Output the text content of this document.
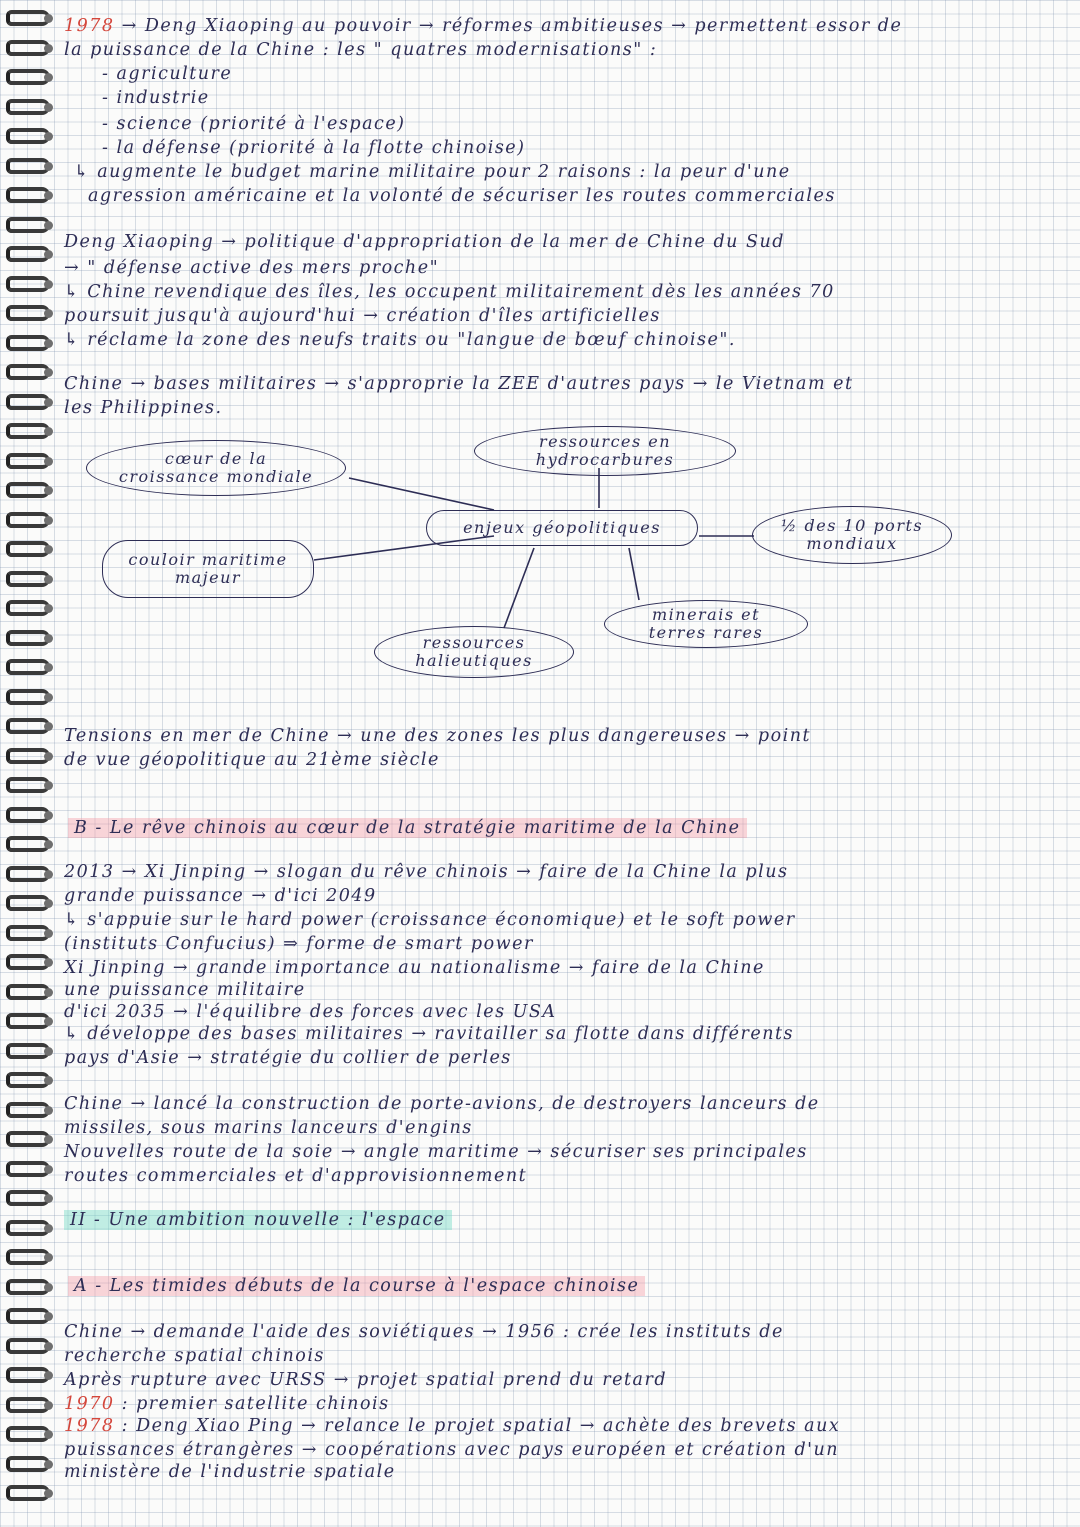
1978 → Deng Xiaoping au pouvoir → réformes ambitieuses → permettent essor de
la puissance de la Chine : les " quatres modernisations" :
- agriculture
- industrie
- science (priorité à l'espace)
- la défense (priorité à la flotte chinoise)
↳ augmente le budget marine militaire pour 2 raisons : la peur d'une
agression américaine et la volonté de sécuriser les routes commerciales
Deng Xiaoping → politique d'appropriation de la mer de Chine du Sud
→ " défense active des mers proche"
↳ Chine revendique des îles, les occupent militairement dès les années 70
poursuit jusqu'à aujourd'hui → création d'îles artificielles
↳ réclame la zone des neufs traits ou "langue de bœuf chinoise".
Chine → bases militaires → s'approprie la ZEE d'autres pays → le Vietnam et
les Philippines.
cœur de la
croissance mondiale
ressources en
hydrocarbures
enjeux géopolitiques	½ des 10 ports
mondiaux
couloir maritime
majeur
minerais et
terres rares
ressources
halieutiques
Tensions en mer de Chine → une des zones les plus dangereuses → point
de vue géopolitique au 21ème siècle
B - Le rêve chinois au cœur de la stratégie maritime de la Chine
2013 → Xi Jinping → slogan du rêve chinois → faire de la Chine la plus
grande puissance → d'ici 2049
↳ s'appuie sur le hard power (croissance économique) et le soft power
(instituts Confucius) ⇒ forme de smart power
Xi Jinping → grande importance au nationalisme → faire de la Chine
une puissance militaire
d'ici 2035 → l'équilibre des forces avec les USA
↳ développe des bases militaires → ravitailler sa flotte dans différents
pays d'Asie → stratégie du collier de perles
Chine → lancé la construction de porte-avions, de destroyers lanceurs de
missiles, sous marins lanceurs d'engins
Nouvelles route de la soie → angle maritime → sécuriser ses principales
routes commerciales et d'approvisionnement
II - Une ambition nouvelle : l'espace
A - Les timides débuts de la course à l'espace chinoise
Chine → demande l'aide des soviétiques → 1956 : crée les instituts de
recherche spatial chinois
Après rupture avec URSS → projet spatial prend du retard
1970 : premier satellite chinois
1978 : Deng Xiao Ping → relance le projet spatial → achète des brevets aux
puissances étrangères → coopérations avec pays européen et création d'un
ministère de l'industrie spatiale
